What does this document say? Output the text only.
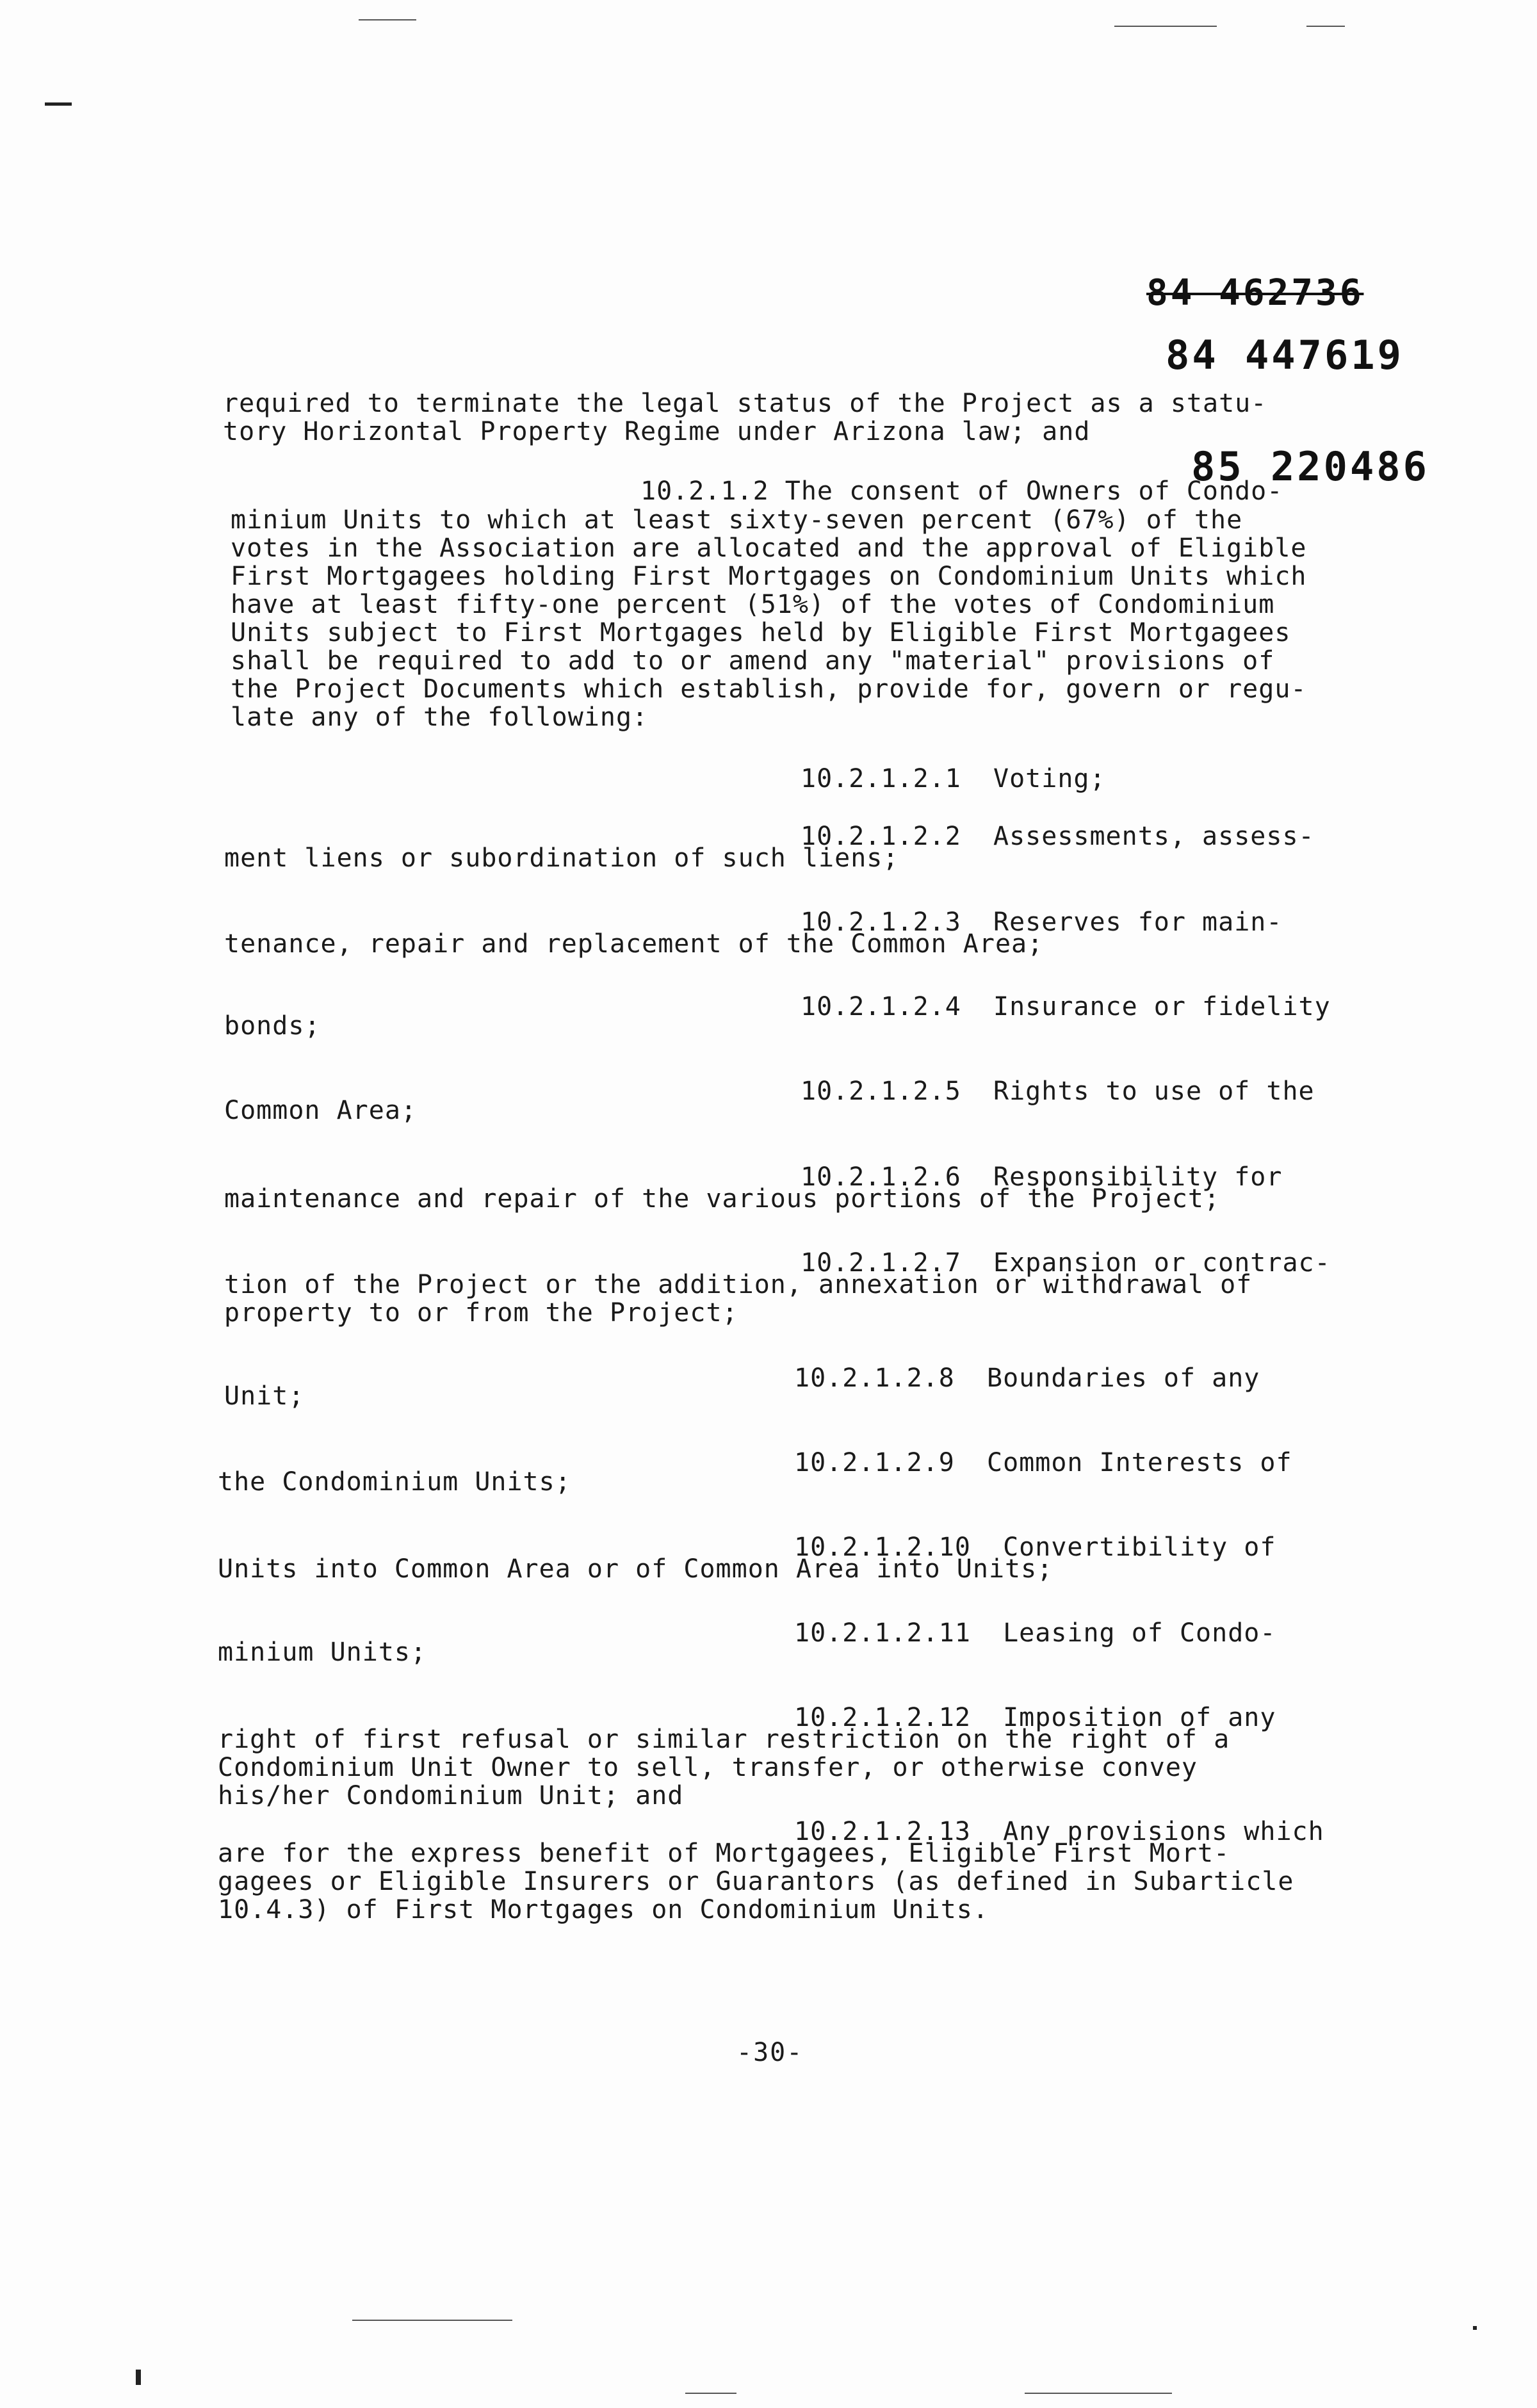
84 462736
84 447619
85 220486
required to terminate the legal status of the Project as a statu-
tory Horizontal Property Regime under Arizona law; and
10.2.1.2 The consent of Owners of Condo-
minium Units to which at least sixty-seven percent (67%) of the
votes in the Association are allocated and the approval of Eligible
First Mortgagees holding First Mortgages on Condominium Units which
have at least fifty-one percent (51%) of the votes of Condominium
Units subject to First Mortgages held by Eligible First Mortgagees
shall be required to add to or amend any "material" provisions of
the Project Documents which establish, provide for, govern or regu-
late any of the following:
10.2.1.2.1  Voting;
10.2.1.2.2  Assessments, assess-
ment liens or subordination of such liens;
10.2.1.2.3  Reserves for main-
tenance, repair and replacement of the Common Area;
10.2.1.2.4  Insurance or fidelity
bonds;
10.2.1.2.5  Rights to use of the
Common Area;
10.2.1.2.6  Responsibility for
maintenance and repair of the various portions of the Project;
10.2.1.2.7  Expansion or contrac-
tion of the Project or the addition, annexation or withdrawal of
property to or from the Project;
10.2.1.2.8  Boundaries of any
Unit;
10.2.1.2.9  Common Interests of
the Condominium Units;
10.2.1.2.10  Convertibility of
Units into Common Area or of Common Area into Units;
10.2.1.2.11  Leasing of Condo-
minium Units;
10.2.1.2.12  Imposition of any
right of first refusal or similar restriction on the right of a
Condominium Unit Owner to sell, transfer, or otherwise convey
his/her Condominium Unit; and
10.2.1.2.13  Any provisions which
are for the express benefit of Mortgagees, Eligible First Mort-
gagees or Eligible Insurers or Guarantors (as defined in Subarticle
10.4.3) of First Mortgages on Condominium Units.
-30-
